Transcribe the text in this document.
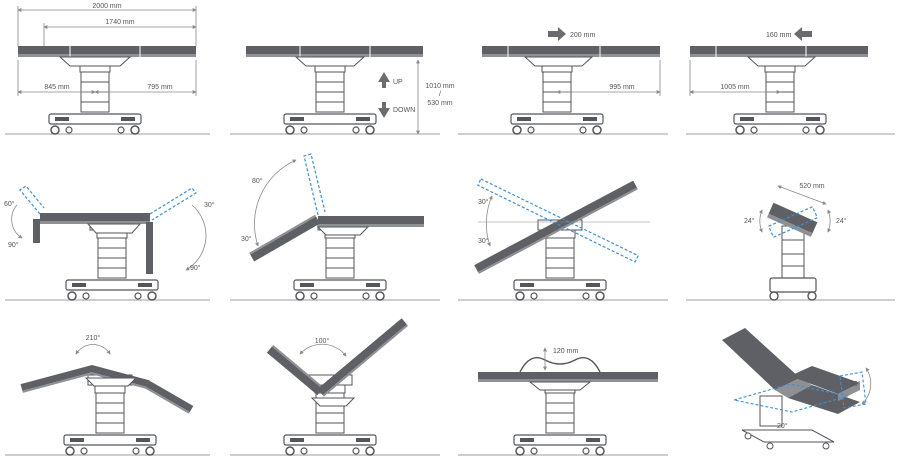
2000 mm
1740 mm
845 mm	795 mm
UP
DOWN
1010 mm
/
530 mm
200 mm
995 mm
160 mm
1005 mm
60°
90°
30°
90°
80°
30°
30°
30°
520 mm
24°	24°
210°	100°
120 mm
90°
20°
